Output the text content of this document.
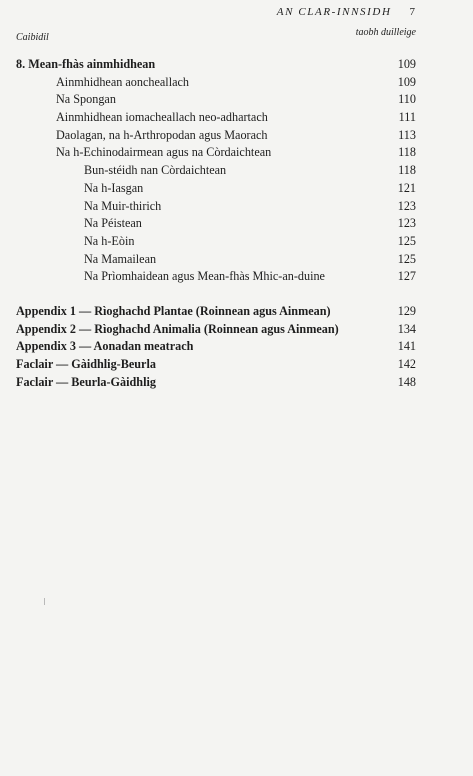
AN CLAR-INNSIDH 7
Caibidil	taobh duilleige
8. Mean-fhàs ainmhidhean	109
Ainmhidhean aoncheallach	109
Na Spongan	110
Ainmhidhean iomacheallach neo-adhartach	111
Daolagan, na h-Arthropodan agus Maorach	113
Na h-Echinodairmean agus na Còrdaichtean	118
Bun-stéidh nan Còrdaichtean	118
Na h-Iasgan	121
Na Muir-thirich	123
Na Péistean	123
Na h-Eòin	125
Na Mamailean	125
Na Prìomhaidean agus Mean-fhàs Mhic-an-duine	127
Appendix 1 — Rìoghachd Plantae (Roinnean agus Ainmean)	129
Appendix 2 — Rìoghachd Animalia (Roinnean agus Ainmean)	134
Appendix 3 — Aonadan meatrach	141
Faclair — Gàidhlig-Beurla	142
Faclair — Beurla-Gàidhlig	148
